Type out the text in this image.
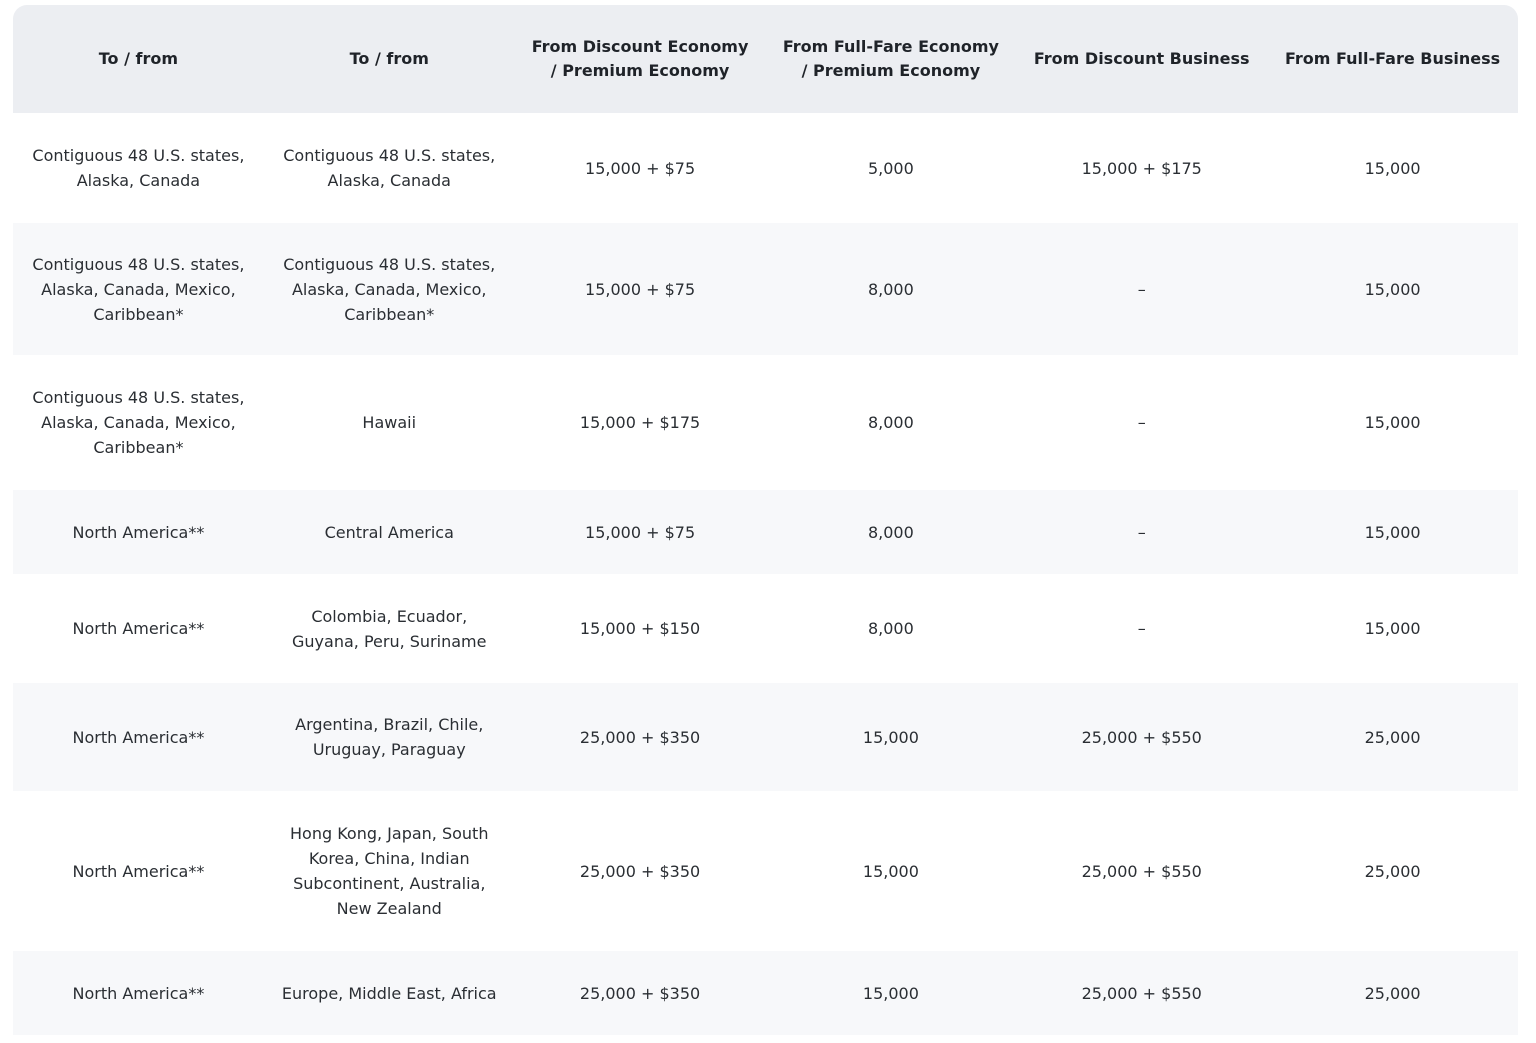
To / from	To / from	From Discount Economy / Premium Economy	From Full-Fare Economy / Premium Economy	From Discount Business	From Full-Fare Business
Contiguous 48 U.S. states, Alaska, Canada	Contiguous 48 U.S. states, Alaska, Canada	15,000 + $75	5,000	15,000 + $175	15,000
Contiguous 48 U.S. states, Alaska, Canada, Mexico, Caribbean*	Contiguous 48 U.S. states, Alaska, Canada, Mexico, Caribbean*	15,000 + $75	8,000	–	15,000
Contiguous 48 U.S. states, Alaska, Canada, Mexico, Caribbean*	Hawaii	15,000 + $175	8,000	–	15,000
North America**	Central America	15,000 + $75	8,000	–	15,000
North America**	Colombia, Ecuador, Guyana, Peru, Suriname	15,000 + $150	8,000	–	15,000
North America**	Argentina, Brazil, Chile, Uruguay, Paraguay	25,000 + $350	15,000	25,000 + $550	25,000
North America**	Hong Kong, Japan, South Korea, China, Indian Subcontinent, Australia, New Zealand	25,000 + $350	15,000	25,000 + $550	25,000
North America**	Europe, Middle East, Africa	25,000 + $350	15,000	25,000 + $550	25,000
